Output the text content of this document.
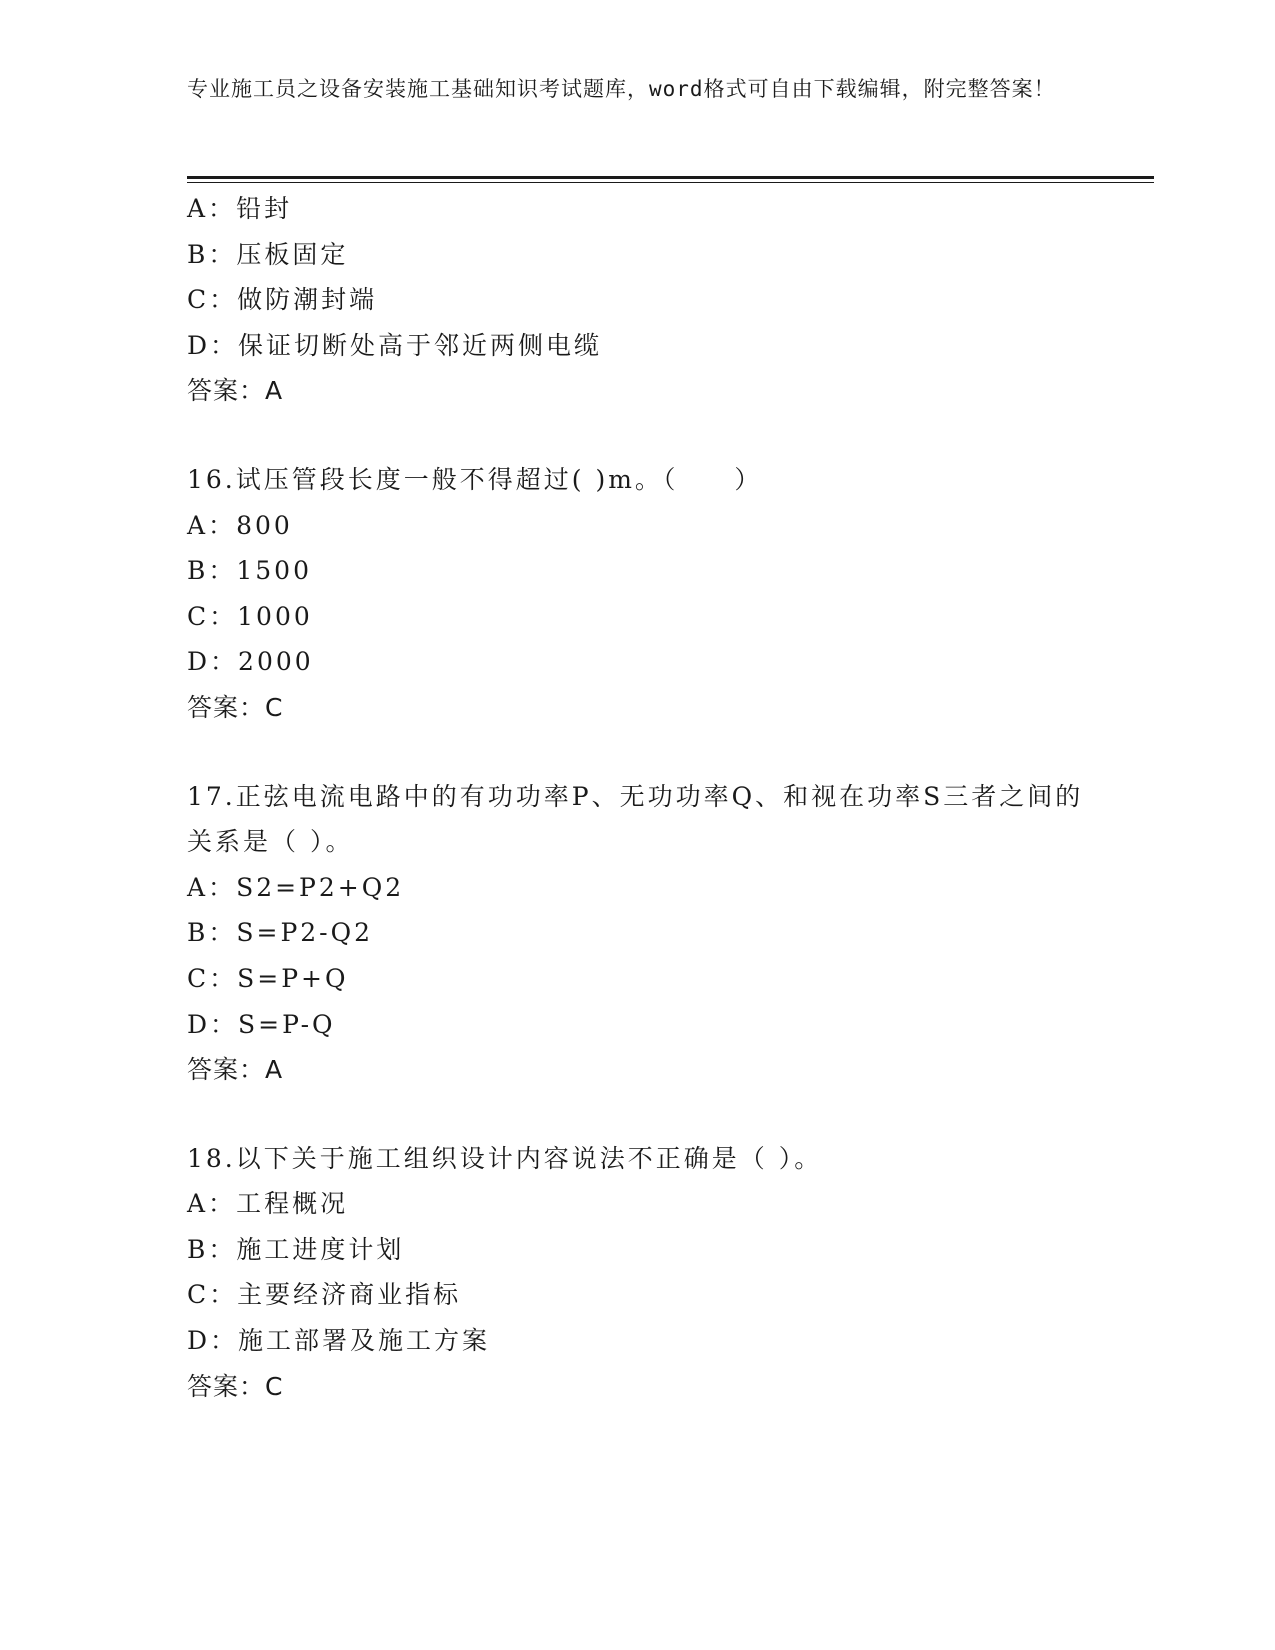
专业施工员之设备安装施工基础知识考试题库，word格式可自由下载编辑，附完整答案！
A：铅封
B：压板固定
C：做防潮封端
D：保证切断处高于邻近两侧电缆
答案：A
16.试压管段长度一般不得超过( )m。（　　）
A：800
B：1500
C：1000
D：2000
答案：C
17.正弦电流电路中的有功功率P、无功功率Q、和视在功率S三者之间的关系是（ ）。
A：S2=P2+Q2
B：S=P2-Q2
C：S=P+Q
D：S=P-Q
答案：A
18.以下关于施工组织设计内容说法不正确是（ ）。
A：工程概况
B：施工进度计划
C：主要经济商业指标
D：施工部署及施工方案
答案：C
